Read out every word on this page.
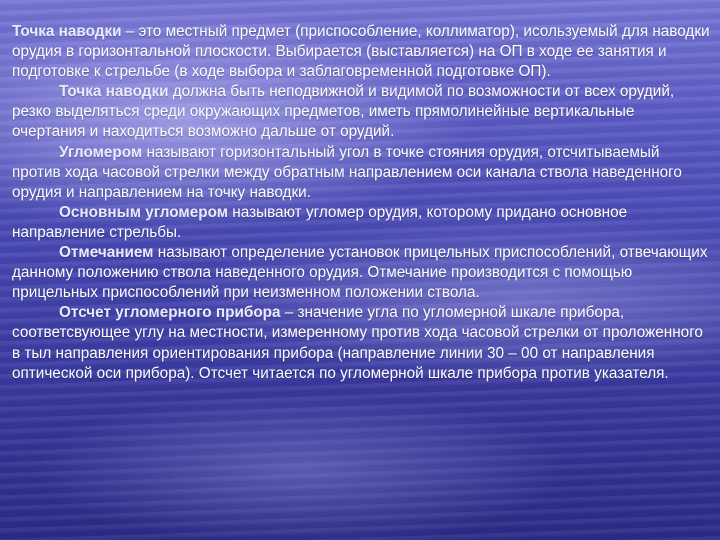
Точка наводки – это местный предмет (приспособление, коллиматор), исользуемый для наводки орудия в горизонтальной плоскости. Выбирается (выставляется) на ОП в ходе ее занятия и подготовке к стрельбе (в ходе выбора и заблаговременной подготовке ОП).

Точка наводки должна быть неподвижной и видимой по возможности от всех орудий, резко выделяться среди окружающих предметов, иметь прямолинейные вертикальные очертания и находиться возможно дальше от орудий.

Угломером называют горизонтальный угол в точке стояния орудия, отсчитываемый против хода часовой стрелки между обратным направлением оси канала ствола наведенного орудия и направлением на точку наводки.

Основным угломером называют угломер орудия, которому придано основное направление стрельбы.

Отмечанием называют определение установок прицельных приспособлений, отвечающих данному положению ствола наведенного орудия. Отмечание производится с помощью прицельных приспособлений при неизменном положении ствола.

Отсчет угломерного прибора – значение угла по угломерной шкале прибора, соответсвующее углу на местности, измеренному против хода часовой стрелки от проложенного в тыл направления ориентирования прибора (направление линии 30 – 00 от направления оптической оси прибора). Отсчет читается по угломерной шкале прибора против указателя.
